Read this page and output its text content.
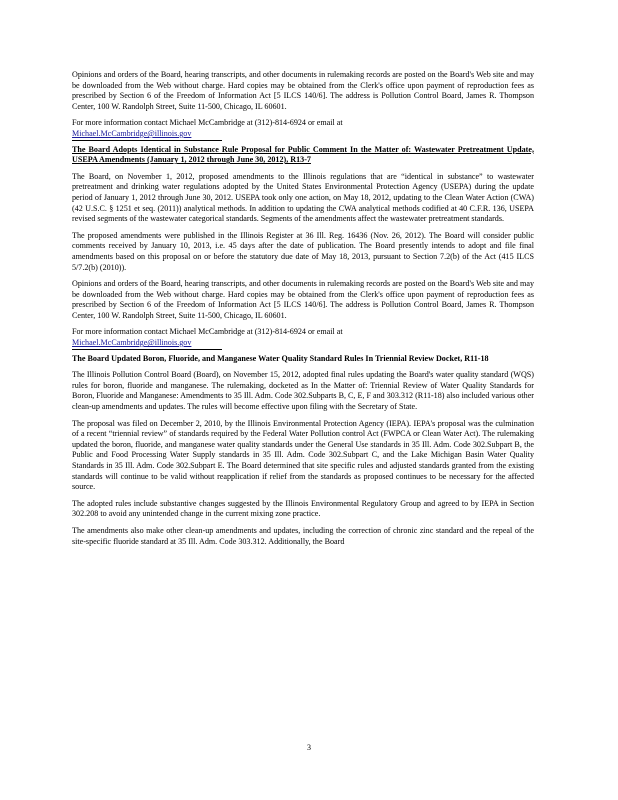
Opinions and orders of the Board, hearing transcripts, and other documents in rulemaking records are posted on the Board's Web site and may be downloaded from the Web without charge. Hard copies may be obtained from the Clerk's office upon payment of reproduction fees as prescribed by Section 6 of the Freedom of Information Act [5 ILCS 140/6]. The address is Pollution Control Board, James R. Thompson Center, 100 W. Randolph Street, Suite 11-500, Chicago, IL 60601.

For more information contact Michael McCambridge at (312)-814-6924 or email at
Michael.McCambridge@illinois.gov

The Board Adopts Identical in Substance Rule Proposal for Public Comment In the Matter of: Wastewater Pretreatment Update, USEPA Amendments (January 1, 2012 through June 30, 2012), R13-7

The Board, on November 1, 2012, proposed amendments to the Illinois regulations that are “identical in substance” to wastewater pretreatment and drinking water regulations adopted by the United States Environmental Protection Agency (USEPA) during the update period of January 1, 2012 through June 30, 2012. USEPA took only one action, on May 18, 2012, updating to the Clean Water Action (CWA) (42 U.S.C. § 1251 et seq. (2011)) analytical methods. In addition to updating the CWA analytical methods codified at 40 C.F.R. 136, USEPA revised segments of the wastewater categorical standards. Segments of the amendments affect the wastewater pretreatment standards.

The proposed amendments were published in the Illinois Register at 36 Ill. Reg. 16436 (Nov. 26, 2012). The Board will consider public comments received by January 10, 2013, i.e. 45 days after the date of publication. The Board presently intends to adopt and file final amendments based on this proposal on or before the statutory due date of May 18, 2013, pursuant to Section 7.2(b) of the Act (415 ILCS 5/7.2(b) (2010)).

Opinions and orders of the Board, hearing transcripts, and other documents in rulemaking records are posted on the Board's Web site and may be downloaded from the Web without charge. Hard copies may be obtained from the Clerk's office upon payment of reproduction fees as prescribed by Section 6 of the Freedom of Information Act [5 ILCS 140/6]. The address is Pollution Control Board, James R. Thompson Center, 100 W. Randolph Street, Suite 11-500, Chicago, IL 60601.

For more information contact Michael McCambridge at (312)-814-6924 or email at
Michael.McCambridge@illinois.gov

The Board Updated Boron, Fluoride, and Manganese Water Quality Standard Rules In Triennial Review Docket, R11-18

The Illinois Pollution Control Board (Board), on November 15, 2012, adopted final rules updating the Board's water quality standard (WQS) rules for boron, fluoride and manganese. The rulemaking, docketed as In the Matter of: Triennial Review of Water Quality Standards for Boron, Fluoride and Manganese: Amendments to 35 Ill. Adm. Code 302.Subparts B, C, E, F and 303.312 (R11-18) also included various other clean-up amendments and updates. The rules will become effective upon filing with the Secretary of State.

The proposal was filed on December 2, 2010, by the Illinois Environmental Protection Agency (IEPA). IEPA's proposal was the culmination of a recent “triennial review” of standards required by the Federal Water Pollution control Act (FWPCA or Clean Water Act). The rulemaking updated the boron, fluoride, and manganese water quality standards under the General Use standards in 35 Ill. Adm. Code 302.Subpart B, the Public and Food Processing Water Supply standards in 35 Ill. Adm. Code 302.Subpart C, and the Lake Michigan Basin Water Quality Standards in 35 Ill. Adm. Code 302.Subpart E. The Board determined that site specific rules and adjusted standards granted from the existing standards will continue to be valid without reapplication if relief from the standards as proposed continues to be necessary for the affected source.

The adopted rules include substantive changes suggested by the Illinois Environmental Regulatory Group and agreed to by IEPA in Section 302.208 to avoid any unintended change in the current mixing zone practice.

The amendments also make other clean-up amendments and updates, including the correction of chronic zinc standard and the repeal of the site-specific fluoride standard at 35 Ill. Adm. Code 303.312. Additionally, the Board

3
